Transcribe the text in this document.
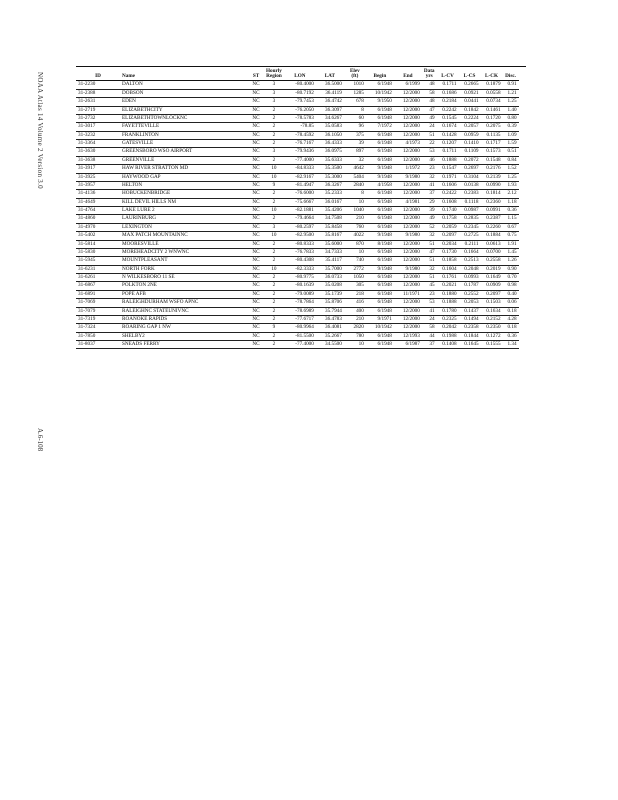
NOAA Atlas 14 Volume 2 Version 3.0
A.6-108
			Hourly			Elev			Data				
ID	Name	ST	Region	LON	LAT	(ft)	Begin	End	yrs	L-CV	L-CS	L-CK	Disc.
31-2230	DALTON	NC	3	-80.4000	36.5000	1010	6/1948	6/1999	48	0.1711	0.2665	0.1879	0.91
31-2388	DOBSON	NC	3	-80.7192	36.4119	1285	10/1942	12/2000	58	0.1686	0.0921	0.0558	1.21
31-2631	EDEN	NC	3	-79.7453	36.4742	678	9/1950	12/2000	48	0.2184	0.0441	0.0734	1.25
31-2719	ELIZABETHCITY	NC	2	-76.2050	36.3097	8	6/1948	12/2000	47	0.2242	0.1842	0.1461	1.40
31-2732	ELIZABETHTOWNLOCKNC	NC	2	-78.5783	34.6267	60	6/1948	12/2000	49	0.1545	0.2224	0.1720	0.80
31-3017	FAYETTEVILLE	NC	2	-78.85	35.0583	96	7/1972	12/2000	24	0.1674	0.2057	0.2075	0.39
31-3232	FRANKLINTON	NC	2	-78.4592	36.1050	375	6/1948	12/2000	51	0.1428	0.0959	0.1135	1.09
31-3364	GATESVILLE	NC	2	-76.7167	36.4333	39	6/1948	4/1973	22	0.1207	0.1410	0.1717	1.59
31-3630	GREENSBORO WSO AIRPORT	NC	3	-79.9436	36.0975	897	6/1948	12/2000	53	0.1711	0.1109	0.1573	0.51
31-3638	GREENVILLE	NC	2	-77.4000	35.6333	32	6/1948	12/2000	46	0.1888	0.2072	0.1548	0.84
31-3917	HAW RIVER STRATTON MD	NC	10	-84.8333	35.3500	4642	9/1948	1/1972	23	0.1547	0.2697	0.2176	1.52
31-3925	HAYWOOD GAP	NC	10	-82.9167	35.3000	5404	9/1948	9/1980	32	0.1971	0.3104	0.2139	1.25
31-3957	HELTON	NC	9	-81.4947	36.3267	2840	4/1958	12/2000	41	0.1606	0.0138	0.0990	1.93
31-4136	HOBUCKENBRIDGE	NC	2	-76.6000	35.2333	8	6/1948	12/2000	37	0.2422	0.2383	0.1814	2.12
31-4649	KILL DEVIL HILLS NM	NC	2	-75.6667	36.0167	10	6/1948	4/1981	29	0.1608	0.1118	0.2360	1.18
31-4764	LAKE LURE 2	NC	10	-82.1881	35.4206	1040	6/1948	12/2000	39	0.1740	0.0987	0.0991	0.36
31-4860	LAURINBURG	NC	2	-79.4664	34.7508	210	6/1948	12/2000	49	0.1758	0.2835	0.2387	1.15
31-4970	LEXINGTON	NC	3	-80.2597	35.8458	760	6/1948	12/2000	52	0.2059	0.2345	0.2260	0.67
31-5402	MAX PATCH MOUNTAINNC	NC	10	-82.9500	35.8167	4022	9/1948	9/1980	32	0.2097	0.2725	0.1884	0.75
31-5814	MOORESVILLE	NC	2	-80.8333	35.6000	870	8/1948	12/2000	51	0.2034	0.2111	0.0613	1.91
31-5830	MOREHEADCITY 2 WNWNC	NC	2	-76.7833	34.7333	10	6/1948	12/2000	47	0.1730	0.1664	0.0700	1.45
31-5945	MOUNTPLEASANT	NC	2	-80.4308	35.4117	740	6/1948	12/2000	51	0.1858	0.2513	0.2558	1.26
31-6231	NORTH FORK	NC	10	-82.3333	35.7000	2772	9/1948	9/1980	32	0.1604	0.2048	0.2019	0.90
31-6261	N WILKESBORO 11 SE	NC	2	-80.9775	36.0733	1050	6/1948	12/2000	51	0.1761	0.0993	0.1649	0.70
31-6867	POLKTON 2NE	NC	2	-80.1639	35.0208	305	6/1948	12/2000	45	0.2021	0.1787	0.0909	0.98
31-6891	POPE AFB	NC	2	-79.0089	35.1739	218	6/1948	11/1971	23	0.1880	0.2552	0.2097	0.40
31-7069	RALEIGHDURHAM WSFO APNC	NC	2	-78.7864	35.8706	416	6/1948	12/2000	53	0.1888	0.2053	0.1503	0.06
31-7079	RALEIGHNC STATEUNIVNC	NC	2	-78.6989	35.7944	400	6/1948	12/2000	41	0.1780	0.1437	0.1634	0.18
31-7319	ROANOKE RAPIDS	NC	2	-77.6717	36.4783	210	9/1971	12/2000	24	0.2325	0.1494	0.2152	4.28
31-7324	ROARING GAP 1 NW	NC	9	-80.9964	36.4081	2820	10/1942	12/2000	58	0.2042	0.2358	0.2350	0.18
31-7850	SHELBY2	NC	2	-81.5500	35.2667	780	6/1948	12/1993	44	0.1988	0.1844	0.1272	0.36
31-8037	SNEADS FERRY	NC	2	-77.4000	34.5500	10	6/1948	6/1987	37	0.1408	0.1645	0.1555	1.34
